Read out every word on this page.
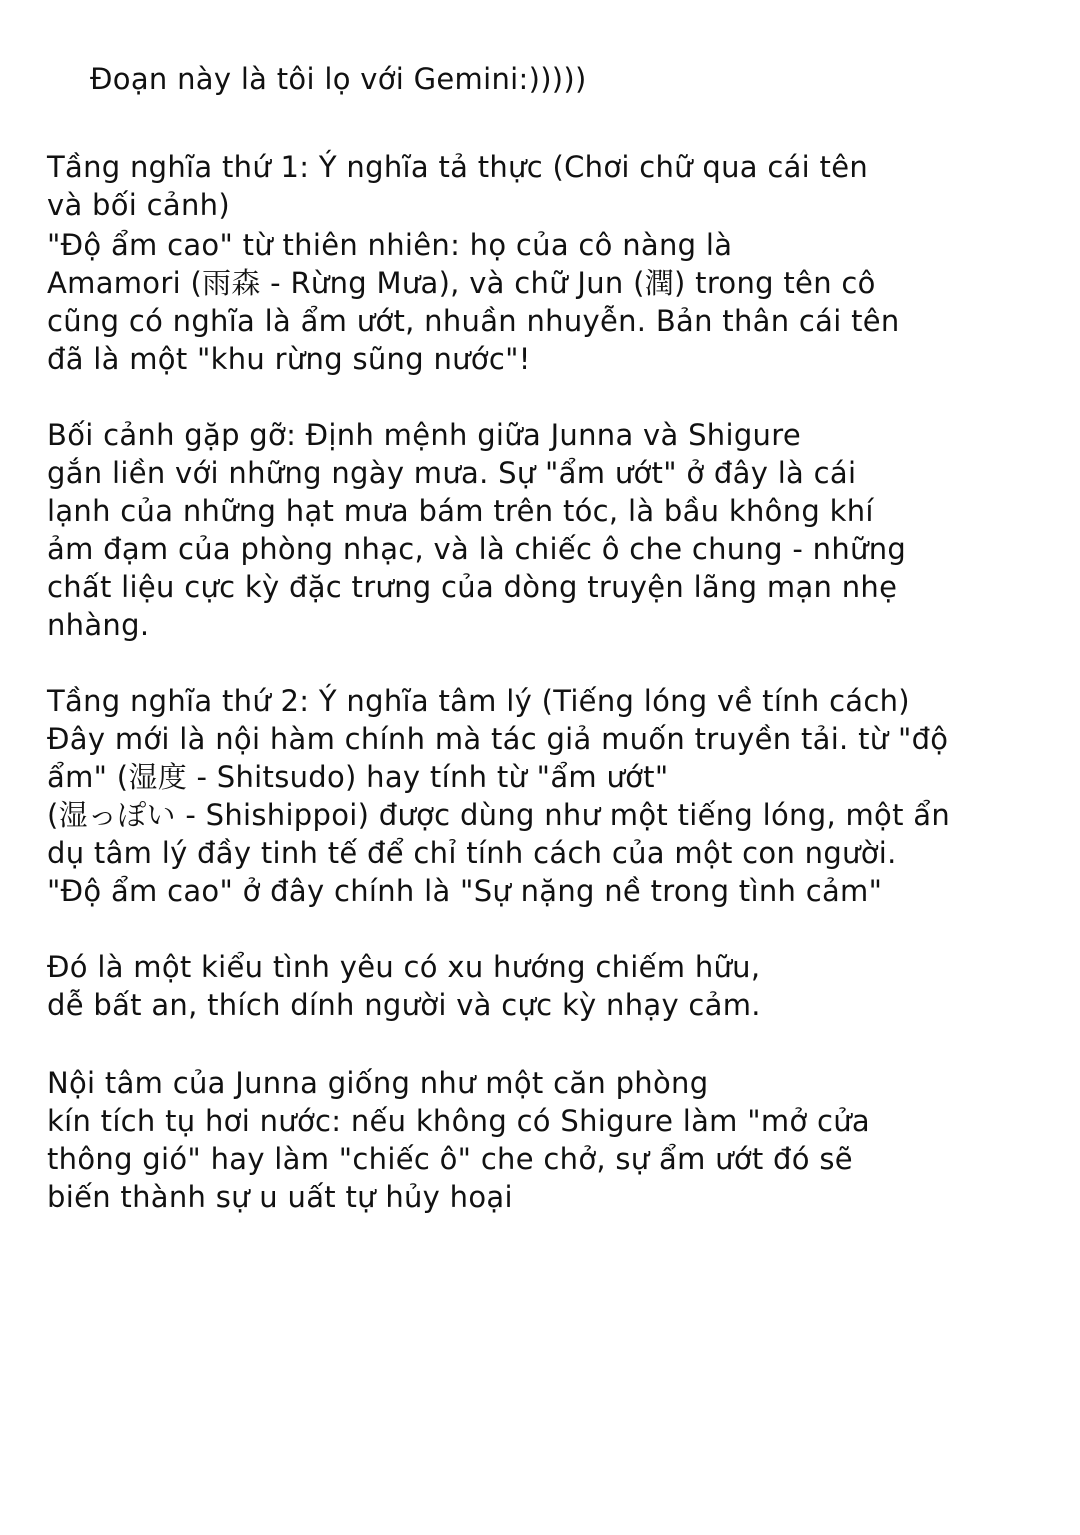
Đoạn này là tôi lọ với Gemini:)))))
Tầng nghĩa thứ 1: Ý nghĩa tả thực (Chơi chữ qua cái tên
và bối cảnh)
"Độ ẩm cao" từ thiên nhiên: họ của cô nàng là
Amamori (雨森 - Rừng Mưa), và chữ Jun (潤) trong tên cô
cũng có nghĩa là ẩm ướt, nhuần nhuyễn. Bản thân cái tên
đã là một "khu rừng sũng nước"!
Bối cảnh gặp gỡ: Định mệnh giữa Junna và Shigure
gắn liền với những ngày mưa. Sự "ẩm ướt" ở đây là cái
lạnh của những hạt mưa bám trên tóc, là bầu không khí
ảm đạm của phòng nhạc, và là chiếc ô che chung - những
chất liệu cực kỳ đặc trưng của dòng truyện lãng mạn nhẹ
nhàng.
Tầng nghĩa thứ 2: Ý nghĩa tâm lý (Tiếng lóng về tính cách)
Đây mới là nội hàm chính mà tác giả muốn truyền tải. từ "độ
ẩm" (湿度 - Shitsudo) hay tính từ "ẩm ướt"
(湿っぽい - Shishippoi) được dùng như một tiếng lóng, một ẩn
dụ tâm lý đầy tinh tế để chỉ tính cách của một con người.
"Độ ẩm cao" ở đây chính là "Sự nặng nề trong tình cảm"
Đó là một kiểu tình yêu có xu hướng chiếm hữu,
dễ bất an, thích dính người và cực kỳ nhạy cảm.
Nội tâm của Junna giống như một căn phòng
kín tích tụ hơi nước: nếu không có Shigure làm "mở cửa
thông gió" hay làm "chiếc ô" che chở, sự ẩm ướt đó sẽ
biến thành sự u uất tự hủy hoại
